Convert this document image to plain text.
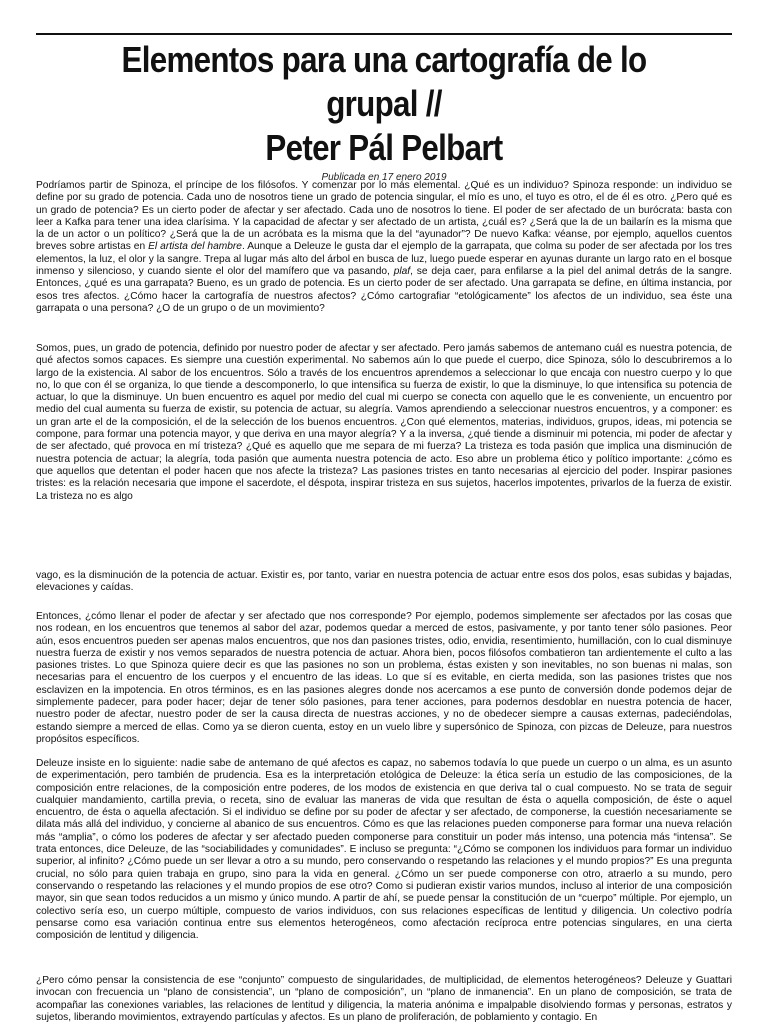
Elementos para una cartografía de lo grupal //
Peter Pál Pelbart

Publicada en 17 enero 2019

Podríamos partir de Spinoza, el príncipe de los filósofos. Y comenzar por lo más elemental. ¿Qué es un individuo? Spinoza responde: un individuo se define por su grado de potencia. Cada uno de nosotros tiene un grado de potencia singular, el mío es uno, el tuyo es otro, el de él es otro. ¿Pero qué es un grado de potencia? Es un cierto poder de afectar y ser afectado. Cada uno de nosotros lo tiene. El poder de ser afectado de un burócrata: basta con leer a Kafka para tener una idea clarísima. Y la capacidad de afectar y ser afectado de un artista, ¿cuál es? ¿Será que la de un bailarín es la misma que la de un actor o un político? ¿Será que la de un acróbata es la misma que la del “ayunador”? De nuevo Kafka: véanse, por ejemplo, aquellos cuentos breves sobre artistas en El artista del hambre. Aunque a Deleuze le gusta dar el ejemplo de la garrapata, que colma su poder de ser afectada por los tres elementos, la luz, el olor y la sangre. Trepa al lugar más alto del árbol en busca de luz, luego puede esperar en ayunas durante un largo rato en el bosque inmenso y silencioso, y cuando siente el olor del mamífero que va pasando, plaf, se deja caer, para enfilarse a la piel del animal detrás de la sangre. Entonces, ¿qué es una garrapata? Bueno, es un grado de potencia. Es un cierto poder de ser afectado. Una garrapata se define, en última instancia, por esos tres afectos. ¿Cómo hacer la cartografía de nuestros afectos? ¿Cómo cartografiar “etológicamente” los afectos de un individuo, sea éste una garrapata o una persona? ¿O de un grupo o de un movimiento?

Somos, pues, un grado de potencia, definido por nuestro poder de afectar y ser afectado. Pero jamás sabemos de antemano cuál es nuestra potencia, de qué afectos somos capaces. Es siempre una cuestión experimental. No sabemos aún lo que puede el cuerpo, dice Spinoza, sólo lo descubriremos a lo largo de la existencia. Al sabor de los encuentros. Sólo a través de los encuentros aprendemos a seleccionar lo que encaja con nuestro cuerpo y lo que no, lo que con él se organiza, lo que tiende a descomponerlo, lo que intensifica su fuerza de existir, lo que la disminuye, lo que intensifica su potencia de actuar, lo que la disminuye. Un buen encuentro es aquel por medio del cual mi cuerpo se conecta con aquello que le es conveniente, un encuentro por medio del cual aumenta su fuerza de existir, su potencia de actuar, su alegría. Vamos aprendiendo a seleccionar nuestros encuentros, y a componer: es un gran arte el de la composición, el de la selección de los buenos encuentros. ¿Con qué elementos, materias, individuos, grupos, ideas, mi potencia se compone, para formar una potencia mayor, y que deriva en una mayor alegría? Y a la inversa, ¿qué tiende a disminuir mi potencia, mi poder de afectar y de ser afectado, qué provoca en mí tristeza? ¿Qué es aquello que me separa de mi fuerza? La tristeza es toda pasión que implica una disminución de nuestra potencia de actuar; la alegría, toda pasión que aumenta nuestra potencia de acto. Eso abre un problema ético y político importante: ¿cómo es que aquellos que detentan el poder hacen que nos afecte la tristeza? Las pasiones tristes en tanto necesarias al ejercicio del poder. Inspirar pasiones tristes: es la relación necesaria que impone el sacerdote, el déspota, inspirar tristeza en sus sujetos, hacerlos impotentes, privarlos de la fuerza de existir. La tristeza no es algo

vago, es la disminución de la potencia de actuar. Existir es, por tanto, variar en nuestra potencia de actuar entre esos dos polos, esas subidas y bajadas, elevaciones y caídas.

Entonces, ¿cómo llenar el poder de afectar y ser afectado que nos corresponde? Por ejemplo, podemos simplemente ser afectados por las cosas que nos rodean, en los encuentros que tenemos al sabor del azar, podemos quedar a merced de estos, pasivamente, y por tanto tener sólo pasiones. Peor aún, esos encuentros pueden ser apenas malos encuentros, que nos dan pasiones tristes, odio, envidia, resentimiento, humillación, con lo cual disminuye nuestra fuerza de existir y nos vemos separados de nuestra potencia de actuar. Ahora bien, pocos filósofos combatieron tan ardientemente el culto a las pasiones tristes. Lo que Spinoza quiere decir es que las pasiones no son un problema, éstas existen y son inevitables, no son buenas ni malas, son necesarias para el encuentro de los cuerpos y el encuentro de las ideas. Lo que sí es evitable, en cierta medida, son las pasiones tristes que nos esclavizen en la impotencia. En otros términos, es en las pasiones alegres donde nos acercamos a ese punto de conversión donde podemos dejar de simplemente padecer, para poder hacer; dejar de tener sólo pasiones, para tener acciones, para podernos desdoblar en nuestra potencia de hacer, nuestro poder de afectar, nuestro poder de ser la causa directa de nuestras acciones, y no de obedecer siempre a causas externas, padeciéndolas, estando siempre a merced de ellas. Como ya se dieron cuenta, estoy en un vuelo libre y supersónico de Spinoza, con pizcas de Deleuze, para nuestros propósitos específicos.

Deleuze insiste en lo siguiente: nadie sabe de antemano de qué afectos es capaz, no sabemos todavía lo que puede un cuerpo o un alma, es un asunto de experimentación, pero también de prudencia. Esa es la interpretación etológica de Deleuze: la ética sería un estudio de las composiciones, de la composición entre relaciones, de la composición entre poderes, de los modos de existencia en que deriva tal o cual compuesto. No se trata de seguir cualquier mandamiento, cartilla previa, o receta, sino de evaluar las maneras de vida que resultan de ésta o aquella composición, de éste o aquel encuentro, de ésta o aquella afectación. Si el individuo se define por su poder de afectar y ser afectado, de componerse, la cuestión necesariamente se dilata más allá del individuo, y concierne al abanico de sus encuentros. Cómo es que las relaciones pueden componerse para formar una nueva relación más “amplia”, o cómo los poderes de afectar y ser afectado pueden componerse para constituir un poder más intenso, una potencia más “intensa”. Se trata entonces, dice Deleuze, de las “sociabilidades y comunidades”. E incluso se pregunta: “¿Cómo se componen los individuos para formar un individuo superior, al infinito? ¿Cómo puede un ser llevar a otro a su mundo, pero conservando o respetando las relaciones y el mundo propios?” Es una pregunta crucial, no sólo para quien trabaja en grupo, sino para la vida en general. ¿Cómo un ser puede componerse con otro, atraerlo a su mundo, pero conservando o respetando las relaciones y el mundo propios de ese otro? Como si pudieran existir varios mundos, incluso al interior de una composición mayor, sin que sean todos reducidos a un mismo y único mundo. A partir de ahí, se puede pensar la constitución de un “cuerpo” múltiple. Por ejemplo, un colectivo sería eso, un cuerpo múltiple, compuesto de varios individuos, con sus relaciones específicas de lentitud y diligencia. Un colectivo podría pensarse como esa variación continua entre sus elementos heterogéneos, como afectación recíproca entre potencias singulares, en una cierta composición de lentitud y diligencia.

¿Pero cómo pensar la consistencia de ese “conjunto” compuesto de singularidades, de multiplicidad, de elementos heterogéneos? Deleuze y Guattari invocan con frecuencia un “plano de consistencia”, un “plano de composición”, un “plano de inmanencia”. En un plano de composición, se trata de acompañar las conexiones variables, las relaciones de lentitud y diligencia, la materia anónima e impalpable disolviendo formas y personas, estratos y sujetos, liberando movimientos, extrayendo partículas y afectos. Es un plano de proliferación, de poblamiento y contagio. En
